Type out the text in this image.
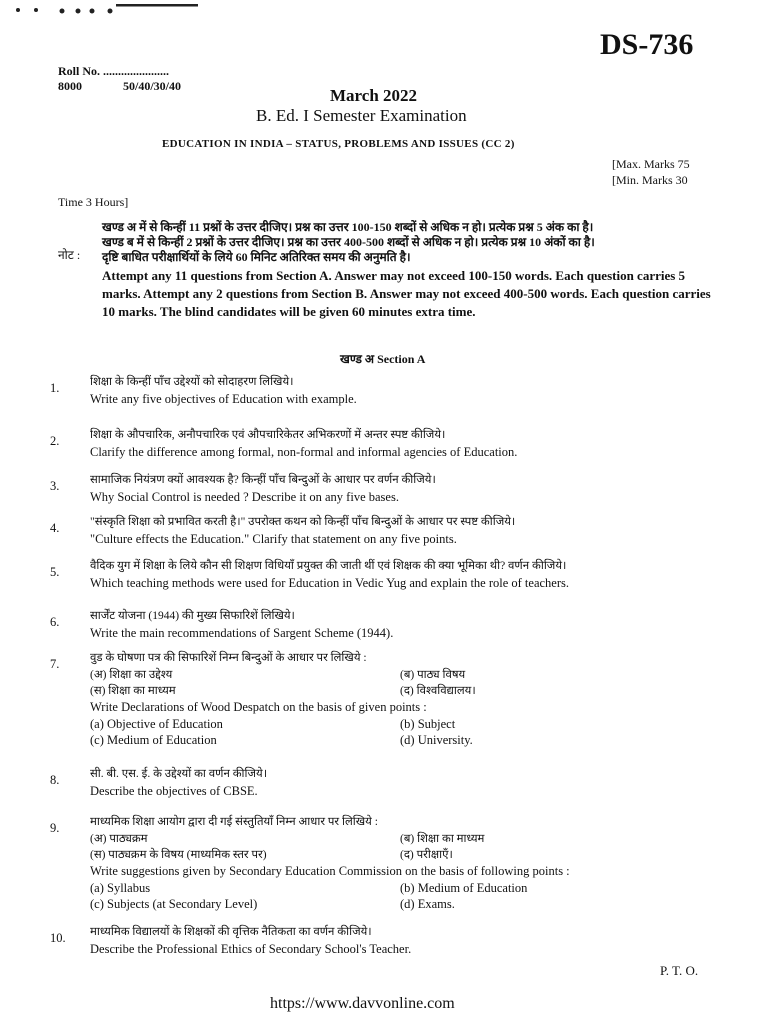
DS-736
Roll No. ......................
8000	50/40/30/40	March 2022
B. Ed. I Semester Examination
EDUCATION IN INDIA – STATUS, PROBLEMS AND ISSUES (CC 2)
[Max. Marks 75
[Min. Marks 30
Time 3 Hours]
नोट :
खण्ड अ में से किन्हीं 11 प्रश्नों के उत्तर दीजिए। प्रश्न का उत्तर 100-150 शब्दों से अधिक न हो। प्रत्येक प्रश्न 5 अंक का है।
खण्ड ब में से किन्हीं 2 प्रश्नों के उत्तर दीजिए। प्रश्न का उत्तर 400-500 शब्दों से अधिक न हो। प्रत्येक प्रश्न 10 अंकों का है।
दृष्टि बाधित परीक्षार्थियों के लिये 60 मिनिट अतिरिक्त समय की अनुमति है।
Attempt any 11 questions from Section A. Answer may not exceed 100-150 words. Each question carries 5 marks. Attempt any 2 questions from Section B. Answer may not exceed 400-500 words. Each question carries 10 marks. The blind candidates will be given 60 minutes extra time.
खण्ड अ Section A
1.	शिक्षा के किन्हीं पाँच उद्देश्यों को सोदाहरण लिखिये।
Write any five objectives of Education with example.
2.	शिक्षा के औपचारिक, अनौपचारिक एवं औपचारिकेतर अभिकरणों में अन्तर स्पष्ट कीजिये।
Clarify the difference among formal, non-formal and informal agencies of Education.
3.	सामाजिक नियंत्रण क्यों आवश्यक है? किन्हीं पाँच बिन्दुओं के आधार पर वर्णन कीजिये।
Why Social Control is needed ? Describe it on any five bases.
4.	"संस्कृति शिक्षा को प्रभावित करती है।" उपरोक्त कथन को किन्हीं पाँच बिन्दुओं के आधार पर स्पष्ट कीजिये।
"Culture effects the Education." Clarify that statement on any five points.
5.	वैदिक युग में शिक्षा के लिये कौन सी शिक्षण विधियाँ प्रयुक्त की जाती थीं एवं शिक्षक की क्या भूमिका थी? वर्णन कीजिये।
Which teaching methods were used for Education in Vedic Yug and explain the role of teachers.
6.	सार्जेंट योजना (1944) की मुख्य सिफारिशें लिखिये।
Write the main recommendations of Sargent Scheme (1944).
7.	वुड के घोषणा पत्र की सिफारिशें निम्न बिन्दुओं के आधार पर लिखिये :
(अ) शिक्षा का उद्देश्य	(ब) पाठ्य विषय
(स) शिक्षा का माध्यम	(द) विश्वविद्यालय।
Write Declarations of Wood Despatch on the basis of given points :
(a) Objective of Education	(b) Subject
(c) Medium of Education	(d) University.
8.	सी. बी. एस. ई. के उद्देश्यों का वर्णन कीजिये।
Describe the objectives of CBSE.
9.	माध्यमिक शिक्षा आयोग द्वारा दी गई संस्तुतियाँ निम्न आधार पर लिखिये :
(अ) पाठ्यक्रम	(ब) शिक्षा का माध्यम
(स) पाठ्यक्रम के विषय (माध्यमिक स्तर पर)	(द) परीक्षाएँ।
Write suggestions given by Secondary Education Commission on the basis of following points :
(a) Syllabus	(b) Medium of Education
(c) Subjects (at Secondary Level)	(d) Exams.
10.	माध्यमिक विद्यालयों के शिक्षकों की वृत्तिक नैतिकता का वर्णन कीजिये।
Describe the Professional Ethics of Secondary School's Teacher.
P. T. O.
https://www.davvonline.com
